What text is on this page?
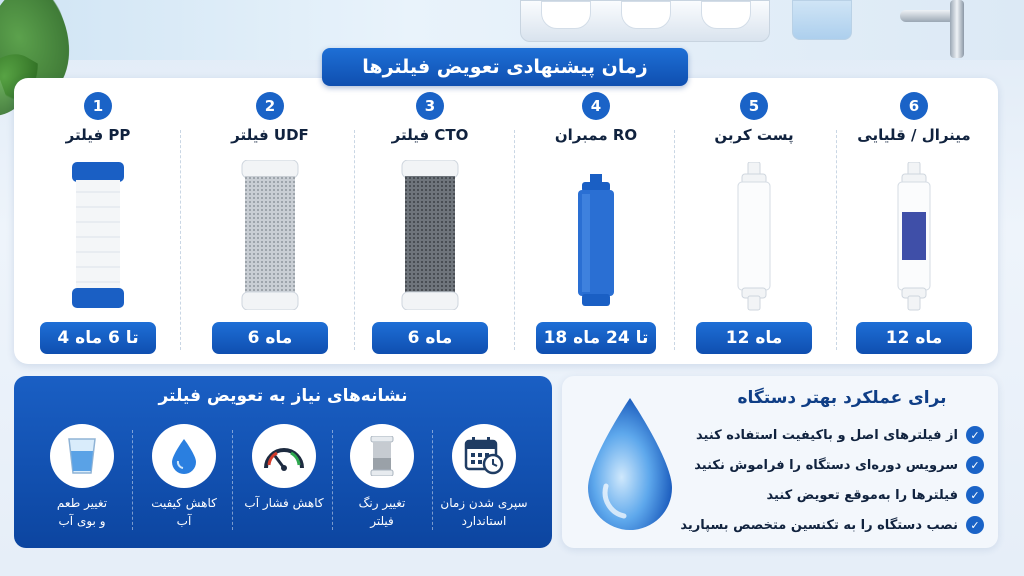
زمان پیشنهادی تعویض فیلترها
1
فیلتر PP
4 تا 6 ماه
2
فیلتر UDF
6 ماه
3
فیلتر CTO
6 ماه
4
ممبران RO
18 تا 24 ماه
5
پست کربن
12 ماه
6
مینرال / قلیایی
12 ماه
نشانه‌های نیاز به تعویض فیلتر
تغییر طعم
و بوی آب
کاهش کیفیت
آب
کاهش فشار آب	تغییر رنگ
فیلتر
سپری شدن زمان
استاندارد
برای عملکرد بهتر دستگاه
از فیلترهای اصل و باکیفیت استفاده کنید	✓
سرویس دوره‌ای دستگاه را فراموش نکنید	✓
فیلترها را به‌موقع تعویض کنید	✓
نصب دستگاه را به تکنسین متخصص بسپارید	✓
